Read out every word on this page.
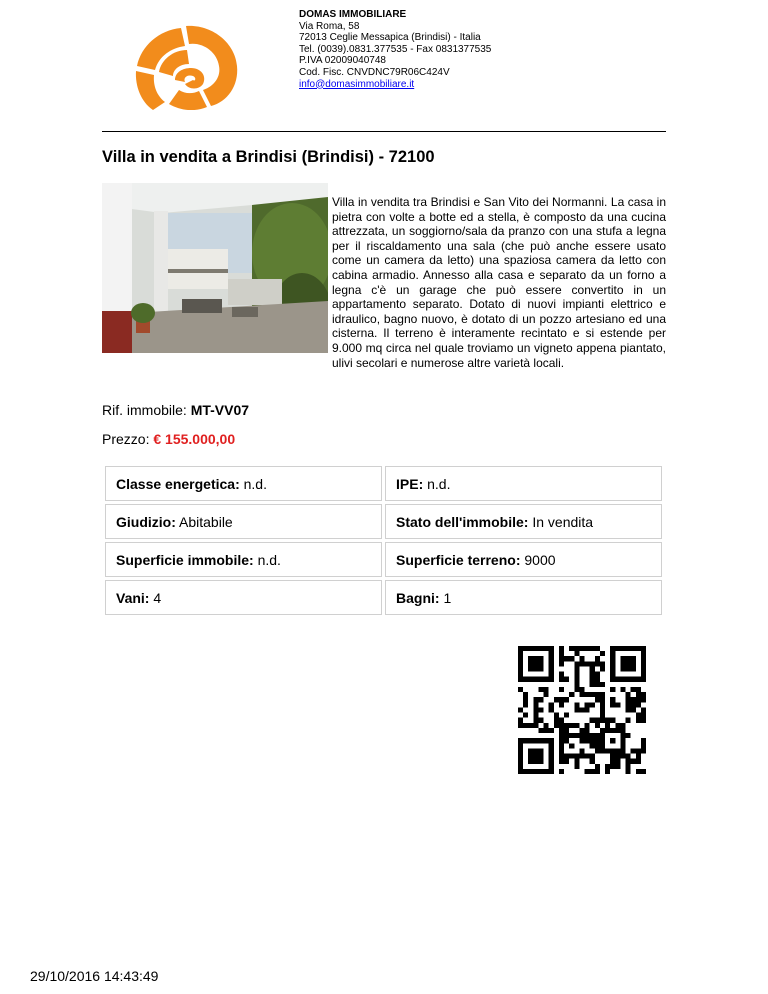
DOMAS IMMOBILIARE
Via Roma, 58
72013 Ceglie Messapica (Brindisi) - Italia
Tel. (0039).0831.377535 - Fax 0831377535
P.IVA 02009040748
Cod. Fisc. CNVDNC79R06C424V
info@domasimmobiliare.it
Villa in vendita a Brindisi (Brindisi) - 72100

Villa in vendita tra Brindisi e San Vito dei Normanni. La casa in pietra con volte a botte ed a stella, è composto da una cucina attrezzata, un soggiorno/sala da pranzo con una stufa a legna per il riscaldamento una sala (che può anche essere usato come un camera da letto) una spaziosa camera da letto con cabina armadio. Annesso alla casa e separato da un forno a legna c'è un garage che può essere convertito in un appartamento separato. Dotato di nuovi impianti elettrico e idraulico, bagno nuovo, è dotato di un pozzo artesiano ed una cisterna. Il terreno è interamente recintato e si estende per 9.000 mq circa nel quale troviamo un vigneto appena piantato, ulivi secolari e numerose altre varietà locali.

Rif. immobile: MT-VV07
Prezzo: € 155.000,00
Classe energetica: n.d.	IPE: n.d.
Giudizio: Abitabile	Stato dell'immobile: In vendita
Superficie immobile: n.d.	Superficie terreno: 9000
Vani: 4	Bagni: 1
29/10/2016 14:43:49
